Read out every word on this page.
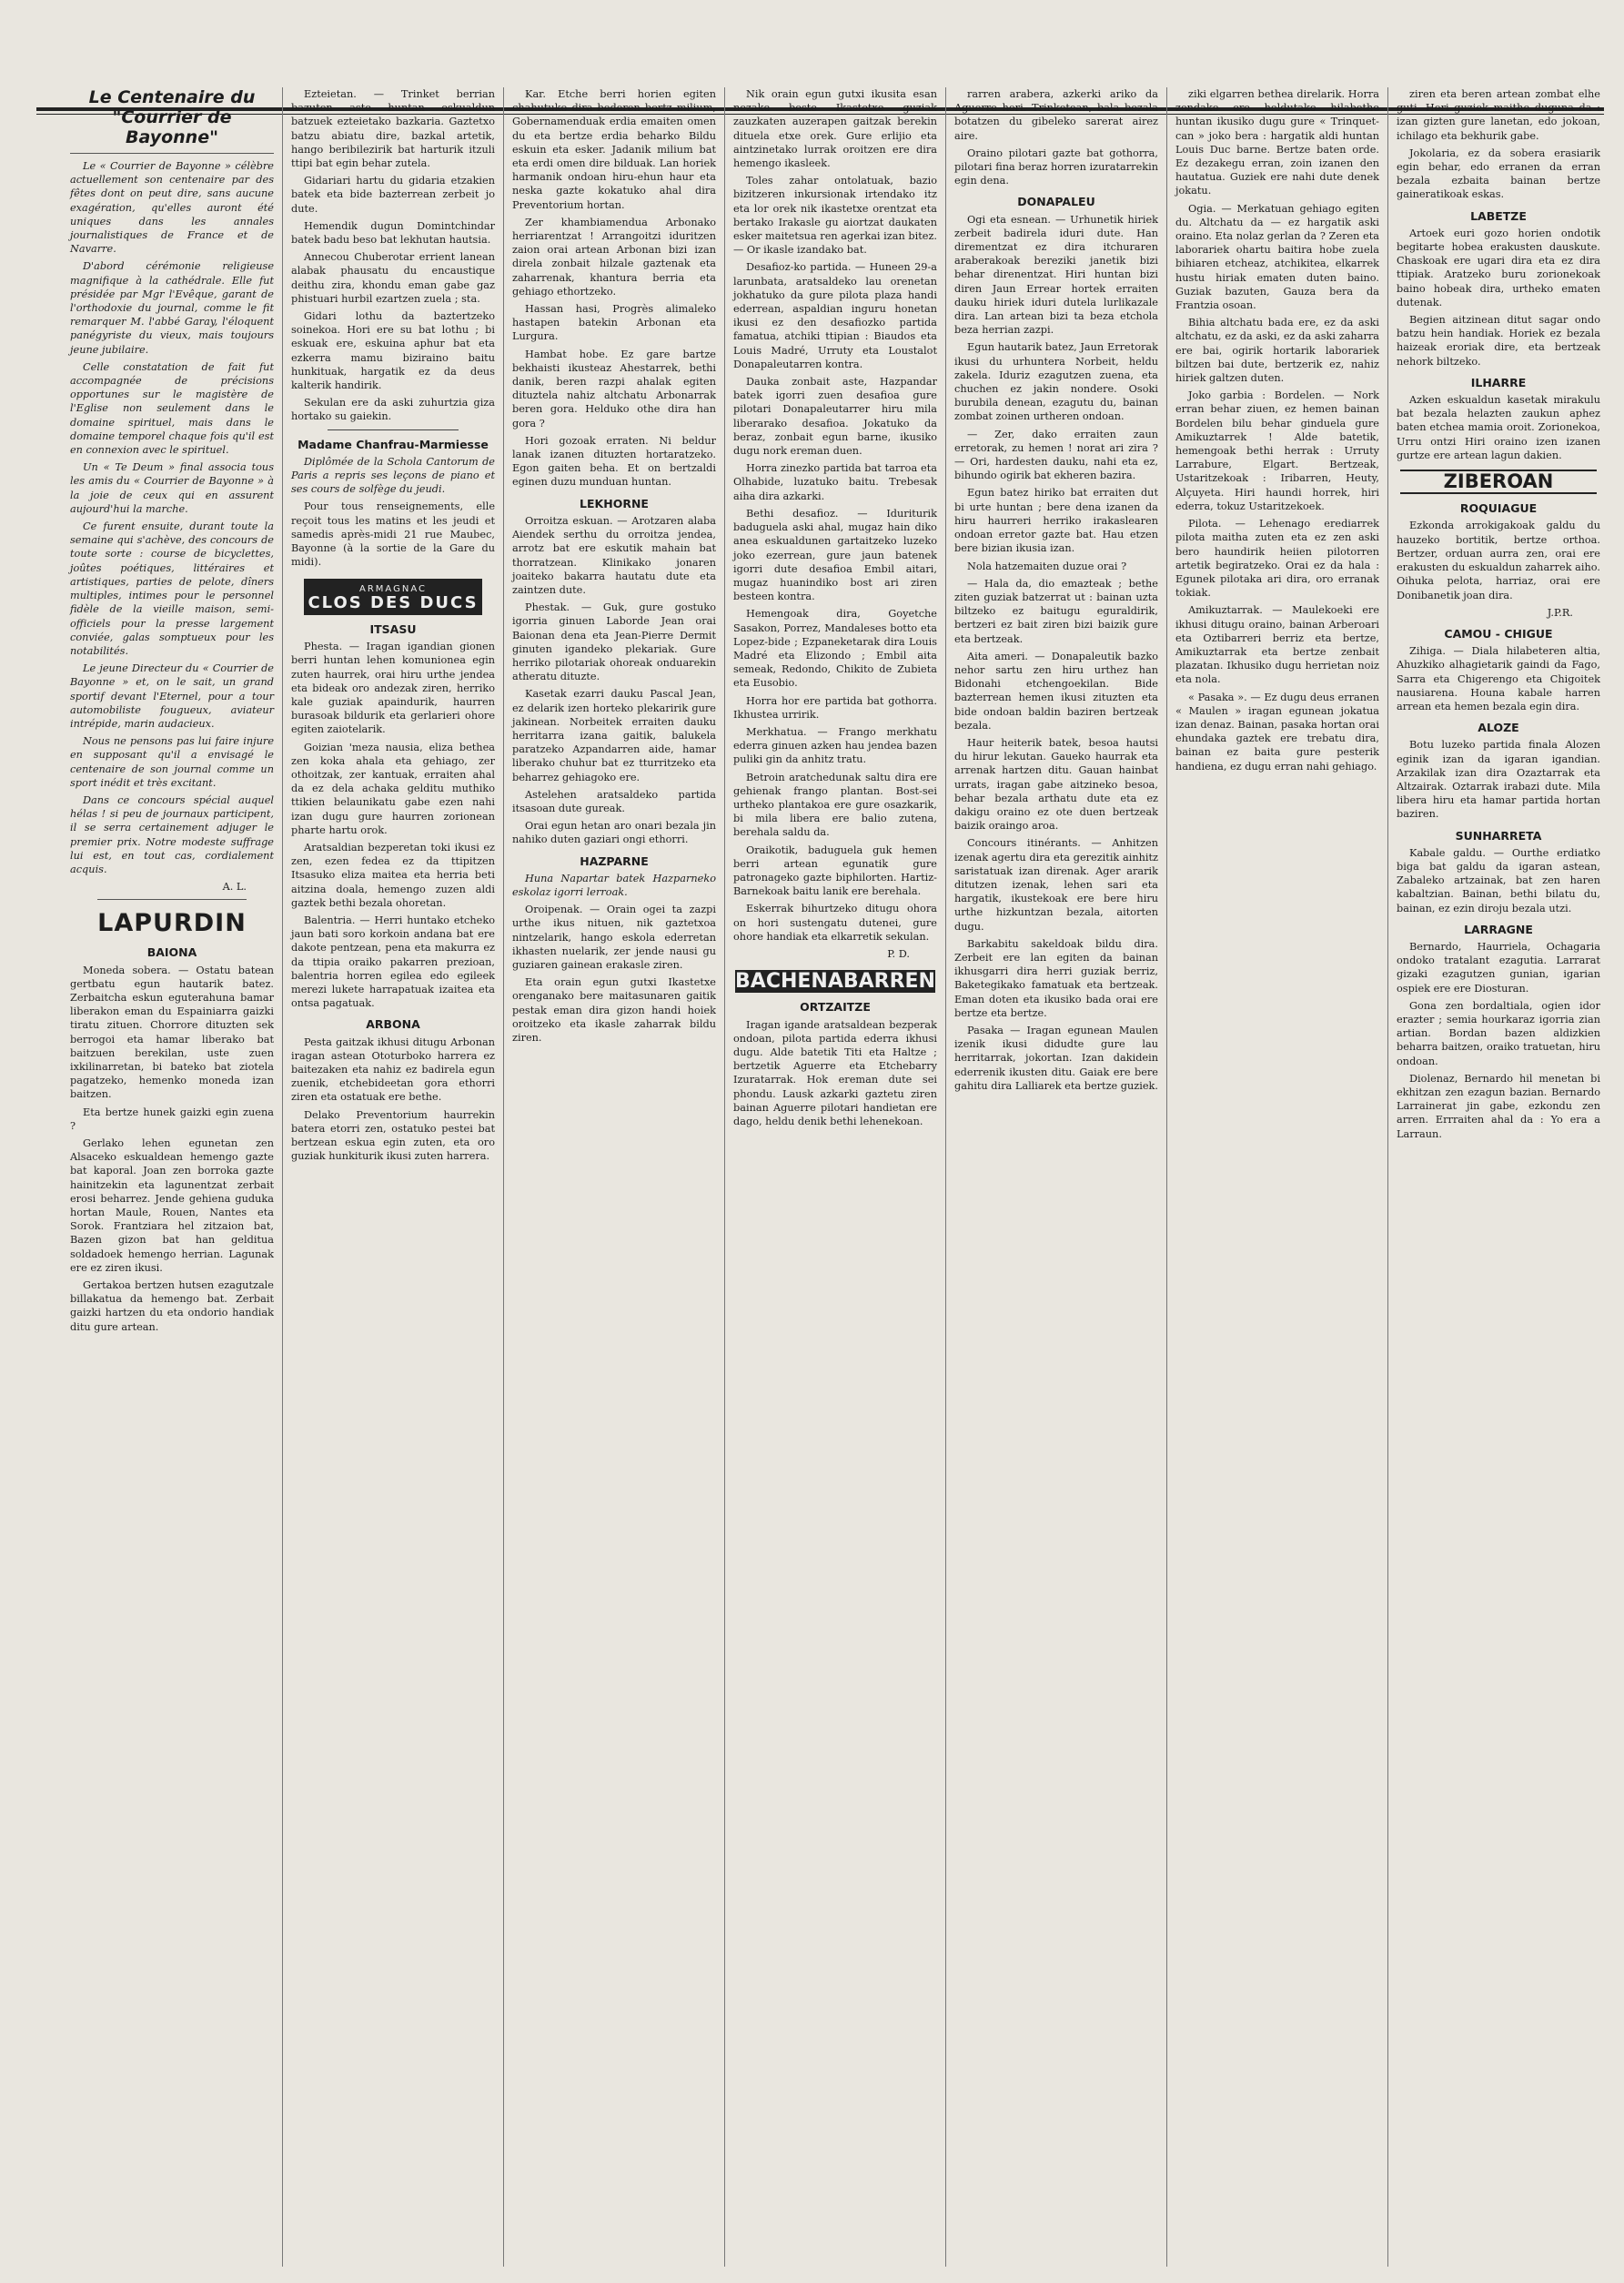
Le Centenaire du "Courrier de Bayonne"

Le « Courrier de Bayonne » célèbre actuellement son centenaire par des fêtes dont on peut dire, sans aucune exagération, qu'elles auront été uniques dans les annales journalistiques de France et de Navarre.

D'abord cérémonie religieuse magnifique à la cathédrale. Elle fut présidée par Mgr l'Evêque, garant de l'orthodoxie du journal, comme le fit remarquer M. l'abbé Garay, l'éloquent panégyriste du vieux, mais toujours jeune jubilaire.

Celle constatation de fait fut accompagnée de précisions opportunes sur le magistère de l'Eglise non seulement dans le domaine spirituel, mais dans le domaine temporel chaque fois qu'il est en connexion avec le spirituel.

Un « Te Deum » final associa tous les amis du « Courrier de Bayonne » à la joie de ceux qui en assurent aujourd'hui la marche.

Ce furent ensuite, durant toute la semaine qui s'achève, des concours de toute sorte : course de bicyclettes, joûtes poétiques, littéraires et artistiques, parties de pelote, dîners multiples, intimes pour le personnel fidèle de la vieille maison, semi-officiels pour la presse largement conviée, galas somptueux pour les notabilités.

Le jeune Directeur du « Courrier de Bayonne » et, on le sait, un grand sportif devant l'Eternel, pour a tour automobiliste fougueux, aviateur intrépide, marin audacieux.

Nous ne pensons pas lui faire injure en supposant qu'il a envisagé le centenaire de son journal comme un sport inédit et très excitant.

Dans ce concours spécial auquel hélas ! si peu de journaux participent, il se serra certainement adjuger le premier prix. Notre modeste suffrage lui est, en tout cas, cordialement acquis.

A. L.
LAPURDIN
BAIONA

Moneda sobera. — Ostatu batean gertbatu egun hautarik batez. Zerbaitcha eskun eguterahuna bamar liberakon eman du Espainiarra gaizki tiratu zituen. Chorrore dituzten sek berrogoi eta hamar liberako bat baitzuen berekilan, uste zuen ixkilinarretan, bi bateko bat ziotela pagatzeko, hemenko moneda izan baitzen.

Eta bertze hunek gaizki egin zuena ?

Gerlako lehen egunetan zen Alsaceko eskualdean hemengo gazte bat kaporal. Joan zen borroka gazte hainitzekin eta lagunentzat zerbait erosi beharrez. Jende gehiena guduka hortan Maule, Rouen, Nantes eta Sorok. Frantziara hel zitzaion bat, Bazen gizon bat han gelditua soldadoek hemengo herrian. Lagunak ere ez ziren ikusi.

Gertakoa bertzen hutsen ezagutzale billakatua da hemengo bat. Zerbait gaizki hartzen du eta ondorio handiak ditu gure artean.

Ezteietan. — Trinket berrian bazuten aste huntan eskualdun batzuek ezteietako bazkaria. Gaztetxo batzu abiatu dire, bazkal artetik, hango beribilezirik bat harturik itzuli ttipi bat egin behar zutela.

Gidariari hartu du gidaria etzakien batek eta bide bazterrean zerbeit jo dute.

Hemendik dugun Domintchindar batek badu beso bat lekhutan hautsia.

Annecou Chuberotar errient lanean alabak phausatu du encaustique deithu zira, khondu eman gabe gaz phistuari hurbil ezartzen zuela ; sta.

Gidari lothu da baztertzeko soinekoa. Hori ere su bat lothu ; bi eskuak ere, eskuina aphur bat eta ezkerra mamu biziraino baitu hunkituak, hargatik ez da deus kalterik handirik.

Sekulan ere da aski zuhurtzia giza hortako su gaiekin.

Madame Chanfrau-Marmiesse

Diplômée de la Schola Cantorum de Paris a repris ses leçons de piano et ses cours de solfège du jeudi.

Pour tous renseignements, elle reçoit tous les matins et les jeudi et samedis après-midi 21 rue Maubec, Bayonne (à la sortie de la Gare du midi).

ARMAGNAC
CLOS DES DUCS
ITSASU

Phesta. — Iragan igandian gionen berri huntan lehen komunionea egin zuten haurrek, orai hiru urthe jendea eta bideak oro andezak ziren, herriko kale guziak apaindurik, haurren burasoak bildurik eta gerlarieri ohore egiten zaiotelarik.

Goizian 'meza nausia, eliza bethea zen koka ahala eta gehiago, zer othoitzak, zer kantuak, erraiten ahal da ez dela achaka gelditu muthiko ttikien belaunikatu gabe ezen nahi izan dugu gure haurren zorionean pharte hartu orok.

Aratsaldian bezperetan toki ikusi ez zen, ezen fedea ez da ttipitzen Itsasuko eliza maitea eta herria beti aitzina doala, hemengo zuzen aldi gaztek bethi bezala ohoretan.

Balentria. — Herri huntako etcheko jaun bati soro korkoin andana bat ere dakote pentzean, pena eta makurra ez da ttipia oraiko pakarren prezioan, balentria horren egilea edo egileek merezi lukete harrapatuak izaitea eta ontsa pagatuak.

ARBONA

Pesta gaitzak ikhusi ditugu Arbonan iragan astean Ototurboko harrera ez baitezaken eta nahiz ez badirela egun zuenik, etchebideetan gora ethorri ziren eta ostatuak ere bethe.

Delako Preventorium haurrekin batera etorri zen, ostatuko pestei bat bertzean eskua egin zuten, eta oro guziak hunkiturik ikusi zuten harrera.

Kar. Etche berri horien egiten chahutuko dira bederen bortz milium, Gobernamenduak erdia emaiten omen du eta bertze erdia beharko Bildu eskuin eta esker. Jadanik milium bat eta erdi omen dire bilduak. Lan horiek harmanik ondoan hiru-ehun haur eta neska gazte kokatuko ahal dira Preventorium hortan.

Zer khambiamendua Arbonako herriarentzat ! Arrangoitzi iduritzen zaion orai artean Arbonan bizi izan direla zonbait hilzale gaztenak eta zaharrenak, khantura berria eta gehiago ethortzeko.

Hassan hasi, Progrès alimaleko hastapen batekin Arbonan eta Lurgura.

Hambat hobe. Ez gare bartze bekhaisti ikusteaz Ahestarrek, bethi danik, beren razpi ahalak egiten dituztela nahiz altchatu Arbonarrak beren gora. Helduko othe dira han gora ?

Hori gozoak erraten. Ni beldur lanak izanen dituzten hortaratzeko. Egon gaiten beha. Et on bertzaldi eginen duzu munduan huntan.

LEKHORNE

Orroitza eskuan. — Arotzaren alaba Aiendek serthu du orroitza jendea, arrotz bat ere eskutik mahain bat thorratzean. Klinikako jonaren joaiteko bakarra hautatu dute eta zaintzen dute.

Phestak. — Guk, gure gostuko igorria ginuen Laborde Jean orai Baionan dena eta Jean-Pierre Dermit ginuten igandeko plekariak. Gure herriko pilotariak ohoreak onduarekin atheratu dituzte.

Kasetak ezarri dauku Pascal Jean, ez delarik izen horteko plekaririk gure jakinean. Norbeitek erraiten dauku herritarra izana gaitik, balukela paratzeko Azpandarren aide, hamar liberako chuhur bat ez tturritzeko eta beharrez gehiagoko ere.

Astelehen aratsaldeko partida itsasoan dute gureak.

Orai egun hetan aro onari bezala jin nahiko duten gaziari ongi ethorri.

HAZPARNE

Huna Napartar batek Hazparneko eskolaz igorri lerroak.

Oroipenak. — Orain ogei ta zazpi urthe ikus nituen, nik gaztetxoa nintzelarik, hango eskola ederretan ikhasten nuelarik, zer jende nausi gu guziaren gainean erakasle ziren.

Eta orain egun gutxi Ikastetxe orenganako bere maitasunaren gaitik pestak eman dira gizon handi hoiek oroitzeko eta ikasle zaharrak bildu ziren.

Nik orain egun gutxi ikusita esan nezake beste Ikastetxe guziak zauzkaten auzerapen gaitzak berekin dituela etxe orek. Gure erlijio eta aintzinetako lurrak oroitzen ere dira hemengo ikasleek.

Toles zahar ontolatuak, bazio bizitzeren inkursionak irtendako itz eta lor orek nik ikastetxe orentzat eta bertako Irakasle gu aiortzat daukaten esker maitetsua ren agerkai izan bitez. — Or ikasle izandako bat.

Desafioz-ko partida. — Huneen 29-a larunbata, aratsaldeko lau orenetan jokhatuko da gure pilota plaza handi ederrean, aspaldian inguru honetan ikusi ez den desafiozko partida famatua, atchiki ttipian : Biaudos eta Louis Madré, Urruty eta Loustalot Donapaleutarren kontra.

Dauka zonbait aste, Hazpandar batek igorri zuen desafioa gure pilotari Donapaleutarrer hiru mila liberarako desafioa. Jokatuko da beraz, zonbait egun barne, ikusiko dugu nork ereman duen.

Horra zinezko partida bat tarroa eta Olhabide, luzatuko baitu. Trebesak aiha dira azkarki.

Bethi desafioz. — Iduriturik baduguela aski ahal, mugaz hain diko anea eskualdunen gartaitzeko luzeko joko ezerrean, gure jaun batenek igorri dute desafioa Embil aitari, mugaz huanindiko bost ari ziren besteen kontra.

Hemengoak dira, Goyetche Sasakon, Porrez, Mandaleses botto eta Lopez-bide ; Ezpaneketarak dira Louis Madré eta Elizondo ; Embil aita semeak, Redondo, Chikito de Zubieta eta Eusobio.

Horra hor ere partida bat gothorra. Ikhustea urririk.

Merkhatua. — Frango merkhatu ederra ginuen azken hau jendea bazen puliki gin da anhitz tratu.

Betroin aratchedunak saltu dira ere gehienak frango plantan. Bost-sei urtheko plantakoa ere gure osazkarik, bi mila libera ere balio zutena, berehala saldu da.

Oraikotik, baduguela guk hemen berri artean egunatik gure patronageko gazte biphilorten. Hartiz-Barnekoak baitu lanik ere berehala.

Eskerrak bihurtzeko ditugu ohora on hori sustengatu dutenei, gure ohore handiak eta elkarretik sekulan.

P. D.
BACHENABARREN
ORTZAITZE

Iragan igande aratsaldean bezperak ondoan, pilota partida ederra ikhusi dugu. Alde batetik Titi eta Haltze ; bertzetik Aguerre eta Etchebarry Izuratarrak. Hok ereman dute sei phondu. Lausk azkarki gaztetu ziren bainan Aguerre pilotari handietan ere dago, heldu denik bethi lehenekoan.

rarren arabera, azkerki ariko da Aguerre hori. Trinketean, bala bezala botatzen du gibeleko sarerat airez aire.

Oraino pilotari gazte bat gothorra, pilotari fina beraz horren izuratarrekin egin dena.

DONAPALEU

Ogi eta esnean. — Urhunetik hiriek zerbeit badirela iduri dute. Han dirementzat ez dira itchuraren araberakoak bereziki janetik bizi behar direnentzat. Hiri huntan bizi diren Jaun Errear hortek erraiten dauku hiriek iduri dutela lurlikazale dira. Lan artean bizi ta beza etchola beza herrian zazpi.

Egun hautarik batez, Jaun Erretorak ikusi du urhuntera Norbeit, heldu zakela. Iduriz ezagutzen zuena, eta chuchen ez jakin nondere. Osoki burubila denean, ezagutu du, bainan zombat zoinen urtheren ondoan.

— Zer, dako erraiten zaun erretorak, zu hemen ! norat ari zira ? — Ori, hardesten dauku, nahi eta ez, bihundo ogirik bat ekheren bazira.

Egun batez hiriko bat erraiten dut bi urte huntan ; bere dena izanen da hiru haurreri herriko irakaslearen ondoan erretor gazte bat. Hau etzen bere bizian ikusia izan.

Nola hatzemaiten duzue orai ?

— Hala da, dio emazteak ; bethe ziten guziak batzerrat ut : bainan uzta biltzeko ez baitugu eguraldirik, bertzeri ez bait ziren bizi baizik gure eta bertzeak.

Aita ameri. — Donapaleutik bazko nehor sartu zen hiru urthez han Bidonahi etchengoekilan. Bide bazterrean hemen ikusi zituzten eta bide ondoan baldin baziren bertzeak bezala.

Haur heiterik batek, besoa hautsi du hirur lekutan. Gaueko haurrak eta arrenak hartzen ditu. Gauan hainbat urrats, iragan gabe aitzineko besoa, behar bezala arthatu dute eta ez dakigu oraino ez ote duen bertzeak baizik oraingo aroa.

Concours itinérants. — Anhitzen izenak agertu dira eta gerezitik ainhitz saristatuak izan direnak. Ager ararik ditutzen izenak, lehen sari eta hargatik, ikustekoak ere bere hiru urthe hizkuntzan bezala, aitorten dugu.

Barkabitu sakeldoak bildu dira. Zerbeit ere lan egiten da bainan ikhusgarri dira herri guziak berriz, Baketegikako famatuak eta bertzeak. Eman doten eta ikusiko bada orai ere bertze eta bertze.

Pasaka — Iragan egunean Maulen izenik ikusi didudte gure lau herritarrak, jokortan. Izan dakidein ederrenik ikusten ditu. Gaiak ere bere gahitu dira Lalliarek eta bertze guziek.

ziki elgarren bethea direlarik. Horra zendako ere heldutako hilabethe huntan ikusiko dugu gure « Trinquet-can » joko bera : hargatik aldi huntan Louis Duc barne. Bertze baten orde. Ez dezakegu erran, zoin izanen den hautatua. Guziek ere nahi dute denek jokatu.

Ogia. — Merkatuan gehiago egiten du. Altchatu da — ez hargatik aski oraino. Eta nolaz gerlan da ? Zeren eta laborariek ohartu baitira hobe zuela bihiaren etcheaz, atchikitea, elkarrek hustu hiriak ematen duten baino. Guziak bazuten, Gauza bera da Frantzia osoan.

Bihia altchatu bada ere, ez da aski altchatu, ez da aski, ez da aski zaharra ere bai, ogirik hortarik laborariek biltzen bai dute, bertzerik ez, nahiz hiriek galtzen duten.

Joko garbia : Bordelen. — Nork erran behar ziuen, ez hemen bainan Bordelen bilu behar ginduela gure Amikuztarrek ! Alde batetik, hemengoak bethi herrak : Urruty Larrabure, Elgart. Bertzeak, Ustaritzekoak : Iribarren, Heuty, Alçuyeta. Hiri haundi horrek, hiri ederra, tokuz Ustaritzekoek.

Pilota. — Lehenago erediarrek pilota maitha zuten eta ez zen aski bero haundirik heiien pilotorren artetik begiratzeko. Orai ez da hala : Egunek pilotaka ari dira, oro erranak tokiak.

Amikuztarrak. — Maulekoeki ere ikhusi ditugu oraino, bainan Arberoari eta Oztibarreri berriz eta bertze, Amikuztarrak eta bertze zenbait plazatan. Ikhusiko dugu herrietan noiz eta nola.

« Pasaka ». — Ez dugu deus erranen « Maulen » iragan egunean jokatua izan denaz. Bainan, pasaka hortan orai ehundaka gaztek ere trebatu dira, bainan ez baita gure pesterik handiena, ez dugu erran nahi gehiago.

ziren eta beren artean zombat elhe guti. Hori guziek maithe duguna da : izan gizten gure lanetan, edo jokoan, ichilago eta bekhurik gabe.

Jokolaria, ez da sobera erasiarik egin behar, edo erranen da erran bezala ezbaita bainan bertze gaineratikoak eskas.

LABETZE

Artoek euri gozo horien ondotik begitarte hobea erakusten dauskute. Chaskoak ere ugari dira eta ez dira ttipiak. Aratzeko buru zorionekoak baino hobeak dira, urtheko ematen dutenak.

Begien aitzinean ditut sagar ondo batzu hein handiak. Horiek ez bezala haizeak eroriak dire, eta bertzeak nehork biltzeko.

ILHARRE

Azken eskualdun kasetak mirakulu bat bezala helazten zaukun aphez baten etchea mamia oroit. Zorionekoa, Urru ontzi Hiri oraino izen izanen gurtze ere artean lagun dakien.

ZIBEROAN
ROQUIAGUE

Ezkonda arrokigakoak galdu du hauzeko bortitik, bertze orthoa. Bertzer, orduan aurra zen, orai ere erakusten du eskualdun zaharrek aiho. Oihuka pelota, harriaz, orai ere Donibanetik joan dira.

J.P.R.
CAMOU - CHIGUE

Zihiga. — Diala hilabeteren altia, Ahuzkiko alhagietarik gaindi da Fago, Sarra eta Chigerengo eta Chigoitek nausiarena. Houna kabale harren arrean eta hemen bezala egin dira.

ALOZE

Botu luzeko partida finala Alozen eginik izan da igaran igandian. Arzakilak izan dira Ozaztarrak eta Altzairak. Oztarrak irabazi dute. Mila libera hiru eta hamar partida hortan baziren.

SUNHARRETA

Kabale galdu. — Ourthe erdiatko biga bat galdu da igaran astean, Zabaleko artzainak, bat zen haren kabaltzian. Bainan, bethi bilatu du, bainan, ez ezin diroju bezala utzi.

LARRAGNE

Bernardo, Haurriela, Ochagaria ondoko tratalant ezagutia. Larrarat gizaki ezagutzen gunian, igarian ospiek ere ere Diosturan.

Gona zen bordaltiala, ogien idor erazter ; semia hourkaraz igorria zian artian. Bordan bazen aldizkien beharra baitzen, oraiko tratuetan, hiru ondoan.

Diolenaz, Bernardo hil menetan bi ekhitzan zen ezagun bazian. Bernardo Larrainerat jin gabe, ezkondu zen arren. Errraiten ahal da : Yo era a Larraun.
